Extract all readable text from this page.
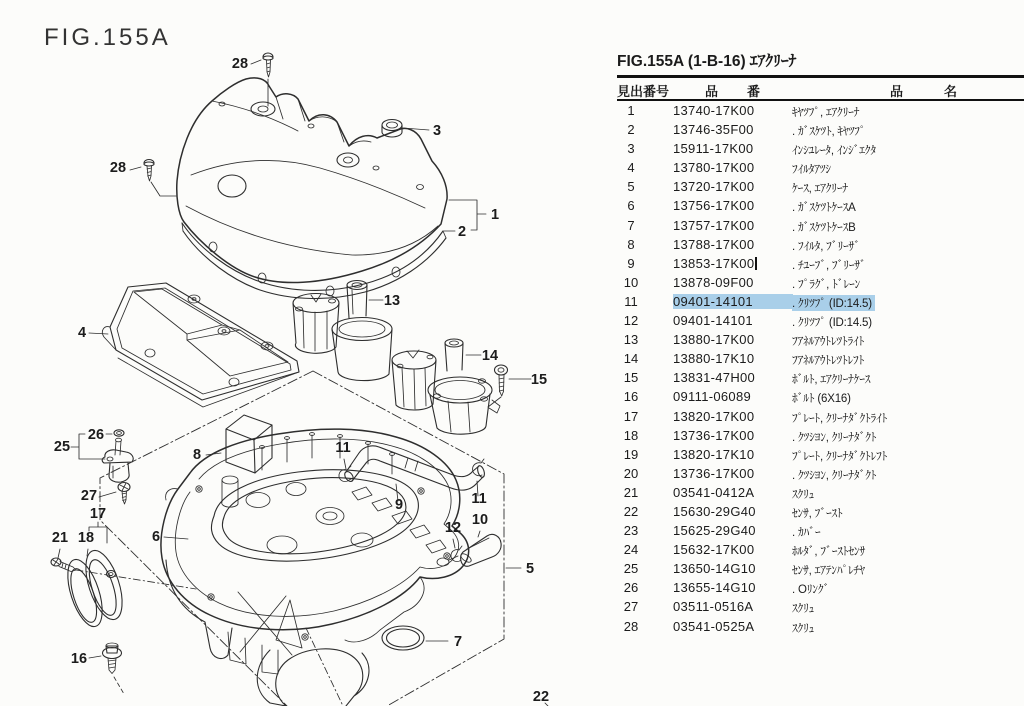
FIG.155A
28
28
3
1
2
4
13
14
15
8
6
11
9	11
12 10
5
7
25
26
27
17
18
21
16
22
FIG.155A (1-B-16) ｴｱｸﾘｰﾅ
見出番号	品番	品名
1	13740-17K00	ｷﾔﾂﾌﾟ, ｴｱｸﾘｰﾅ
2	13746-35F00	. ｶﾞｽｹﾂﾄ, ｷﾔﾂﾌﾟ
3	15911-17K00	ｲﾝｼﾕﾚｰﾀ, ｲﾝｼﾞｴｸﾀ
4	13780-17K00	ﾌｲﾙﾀｱﾂｼ
5	13720-17K00	ｹｰｽ, ｴｱｸﾘｰﾅ
6	13756-17K00	. ｶﾞｽｹﾂﾄｹｰｽA
7	13757-17K00	. ｶﾞｽｹﾂﾄｹｰｽB
8	13788-17K00	. ﾌｲﾙﾀ, ﾌﾞﾘｰｻﾞ
9	13853-17K00	. ﾁﾕｰﾌﾞ, ﾌﾞﾘｰｻﾞ
10	13878-09F00	. ﾌﾟﾗｸﾞ, ﾄﾞﾚｰﾝ
11	09401-14101	. ｸﾘﾂﾌﾟ (ID:14.5)
12	09401-14101	. ｸﾘﾂﾌﾟ (ID:14.5)
13	13880-17K00	ﾌｱﾈﾙｱｳﾄﾚﾂﾄﾗｲﾄ
14	13880-17K10	ﾌｱﾈﾙｱｳﾄﾚﾂﾄﾚﾌﾄ
15	13831-47H00	ﾎﾞﾙﾄ, ｴｱｸﾘｰﾅｹｰｽ
16	09111-06089	ﾎﾞﾙﾄ (6X16)
17	13820-17K00	ﾌﾟﾚｰﾄ, ｸﾘｰﾅﾀﾞｸﾄﾗｲﾄ
18	13736-17K00	. ｸﾂｼﾖﾝ, ｸﾘｰﾅﾀﾞｸﾄ
19	13820-17K10	ﾌﾟﾚｰﾄ, ｸﾘｰﾅﾀﾞｸﾄﾚﾌﾄ
20	13736-17K00	. ｸﾂｼﾖﾝ, ｸﾘｰﾅﾀﾞｸﾄ
21	03541-0412A	ｽｸﾘｭ
22	15630-29G40	ｾﾝｻ, ﾌﾞｰｽﾄ
23	15625-29G40	. ｶﾊﾞｰ
24	15632-17K00	ﾎﾙﾀﾞ, ﾌﾞｰｽﾄｾﾝｻ
25	13650-14G10	ｾﾝｻ, ｴｱﾃﾝﾊﾟﾚﾁﾔ
26	13655-14G10	. Oﾘﾝｸﾞ
27	03511-0516A	ｽｸﾘｭ
28	03541-0525A	ｽｸﾘｭ
